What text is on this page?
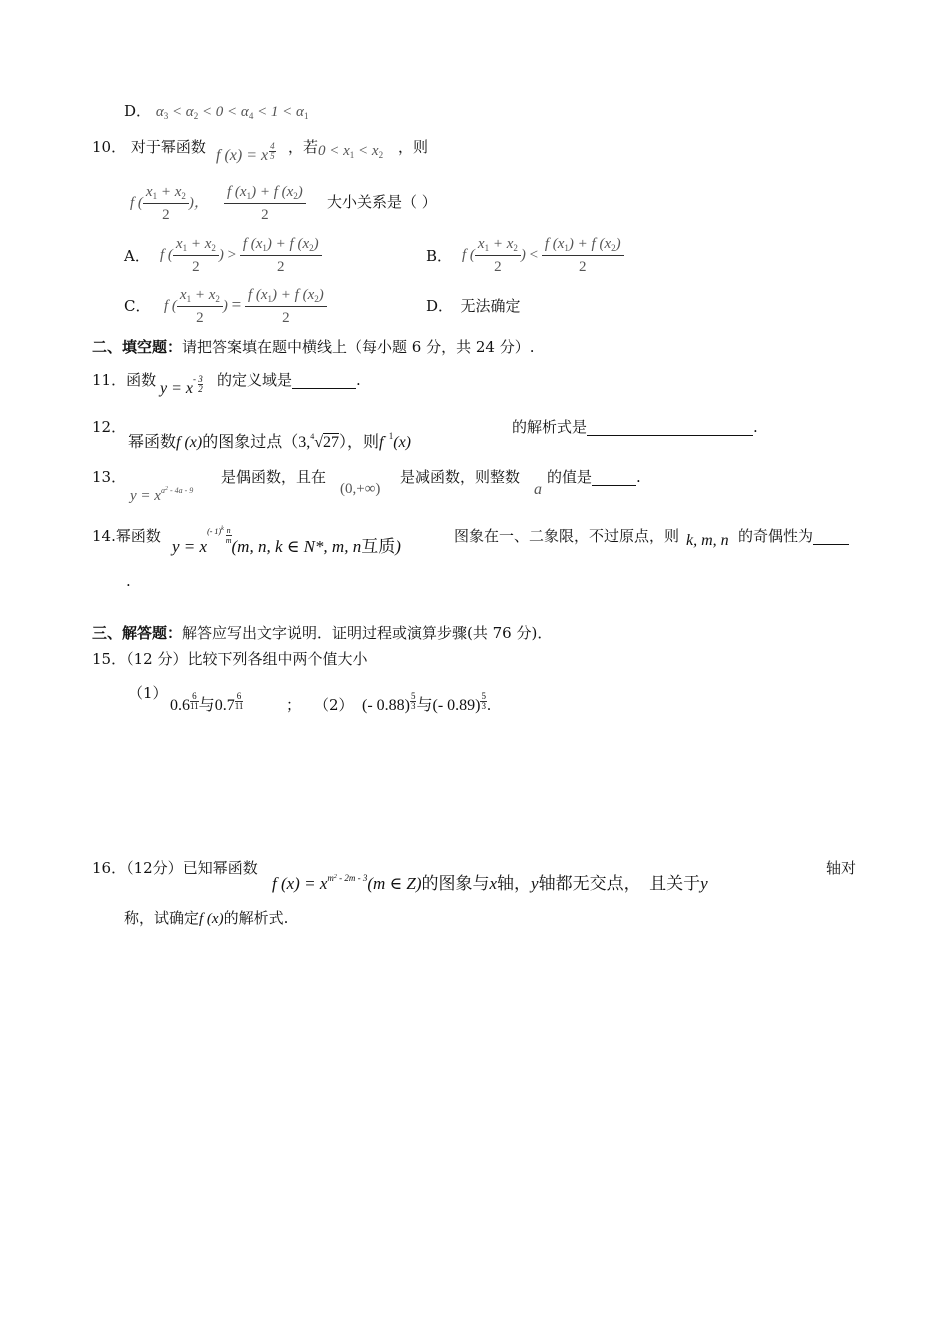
D． $\alpha_3 < \alpha_2 < 0 < \alpha_4 < 1 < \alpha_1$
10． 对于幂函数 f (x) = x $\frac{4}{5}$ ，若 $0 < x_1 < x_2$ ，则
f ( $\frac{x_1 + x_2}{2}$ )， $\frac{f (x_1) + f (x_2)}{2}$ 大小关系是（ ）
A． f ( $\frac{x_1 + x_2}{2}$ ) > $\frac{f (x_1) + f (x_2)}{2}$	B． f ( $\frac{x_1 + x_2}{2}$ ) < $\frac{f (x_1) + f (x_2)}{2}$
C． f ( $\frac{x_1 + x_2}{2}$ ) = $\frac{f (x_1) + f (x_2)}{2}$	D．　 无法确定
二、填空题：请把答案填在题中横线上（每小题 6 分，共 24 分）.
11．函数 y = x
- $\frac{3}{2}$ 的定义域是	.
12．
幂函数f (x)的图象过点（3,$^4$√27），则$f^{- 1}(x)$
的解析式是	.
13．
$y = x^{a^2 - 4a - 9}$
是偶函数，且在
(0,+∞)
是减函数，则整数
a
的值是	.
14.幂函数
y = x
(- $1)^k \frac{n}{m}$
(m, n, k ∈ N*, m, n互质)
图象在一、二象限，不过原点，则 k, m, n 的奇偶性为
.
三、解答题：解答应写出文字说明．证明过程或演算步骤(共 76 分)．
15．（12 分）比较下列各组中两个值大小
（1）
$0.6 \frac{6}{11}$ 与$0.7 \frac{6}{11}$	； （2） (- $0.88) \frac{5}{3}$ 与(- $0.89) \frac{5}{3}$ .
16．（12分）已知幂函数
f $(x) = x^{m^2 - 2m - 3}(m$ ∈ Z)的图象与x轴，y轴都无交点，　且关于y
轴对
称，试确定f (x)的解析式.
